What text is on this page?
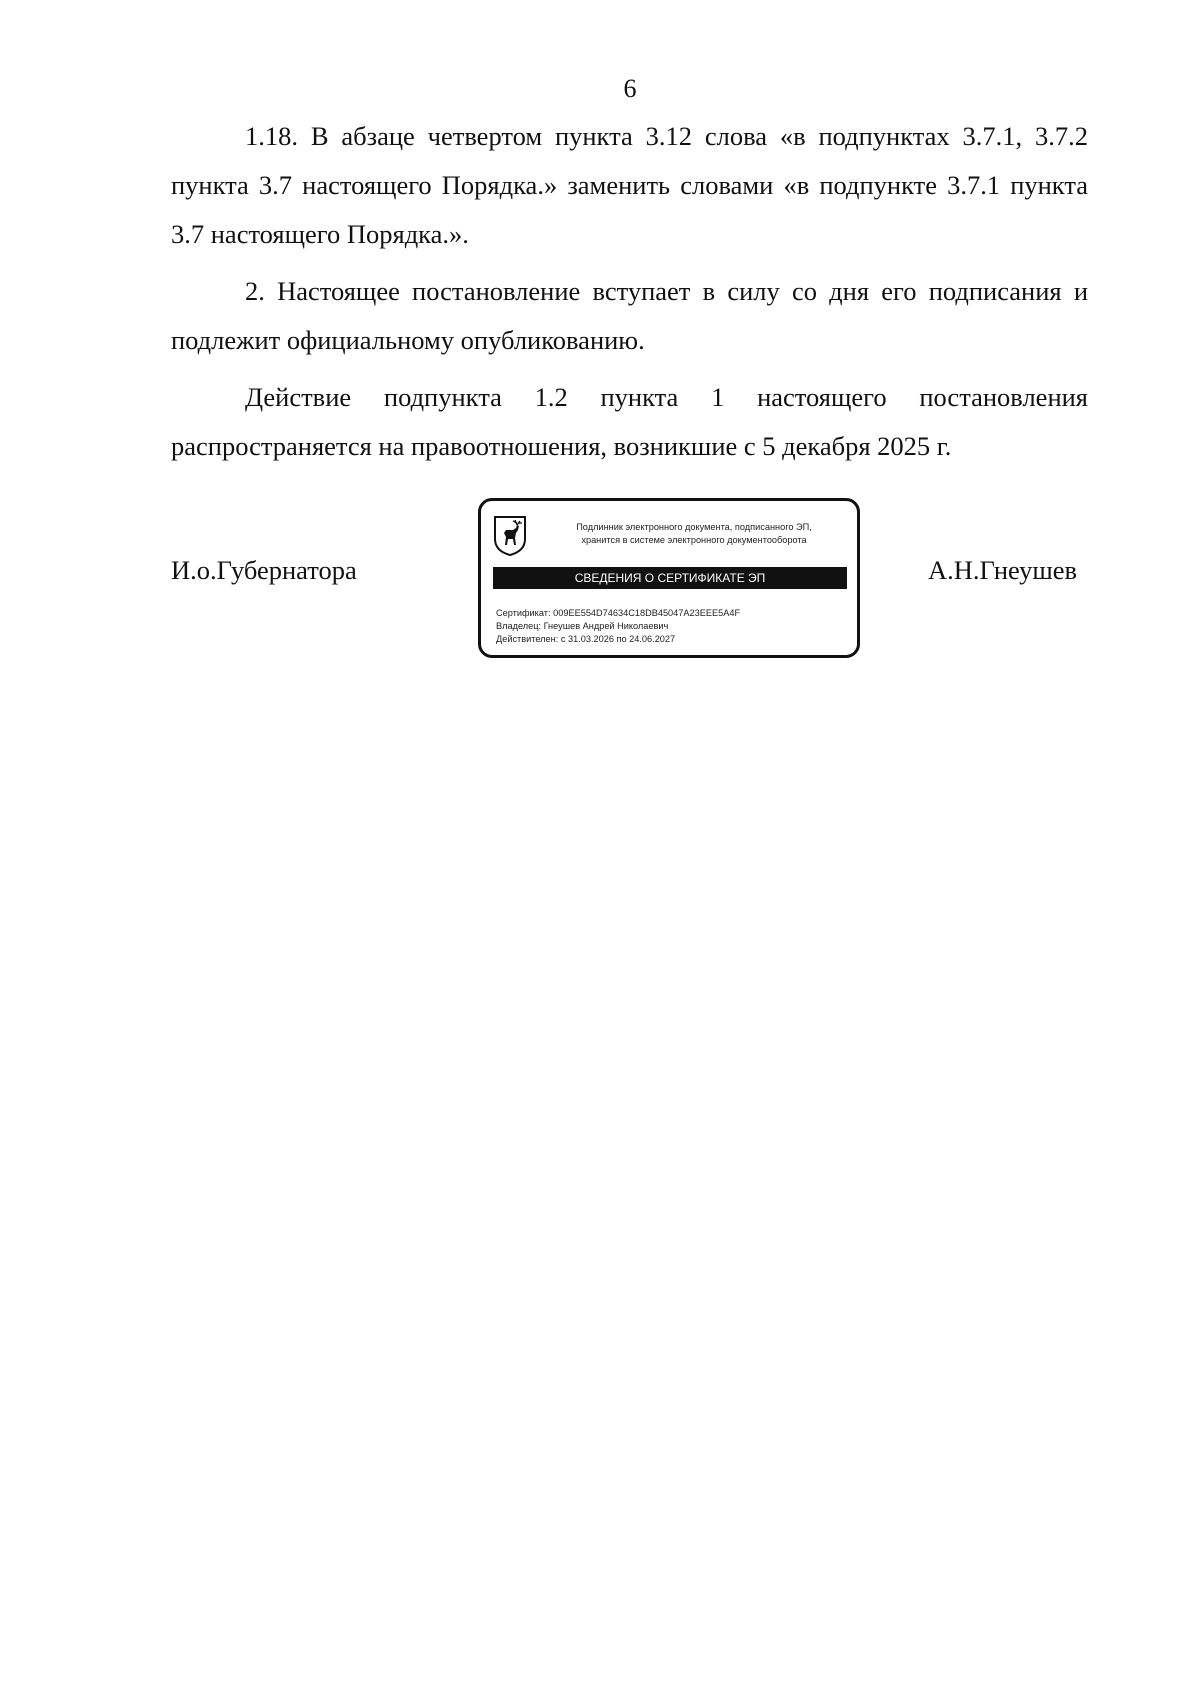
6

1.18. В абзаце четвертом пункта 3.12 слова «в подпунктах 3.7.1, 3.7.2 пункта 3.7 настоящего Порядка.» заменить словами «в подпункте 3.7.1 пункта 3.7 настоящего Порядка.».

2. Настоящее постановление вступает в силу со дня его подписания и подлежит официальному опубликованию.

Действие подпункта 1.2 пункта 1 настоящего постановления распространяется на правоотношения, возникшие с 5 декабря 2025 г.

И.о.Губернатора
Подлинник электронного документа, подписанного ЭП,
хранится в системе электронного документооборота
СВЕДЕНИЯ О СЕРТИФИКАТЕ ЭП
Сертификат: 009EE554D74634C18DB45047A23EEE5A4F
Владелец: Гнеушев Андрей Николаевич
Действителен: с 31.03.2026 по 24.06.2027
А.Н.Гнеушев
